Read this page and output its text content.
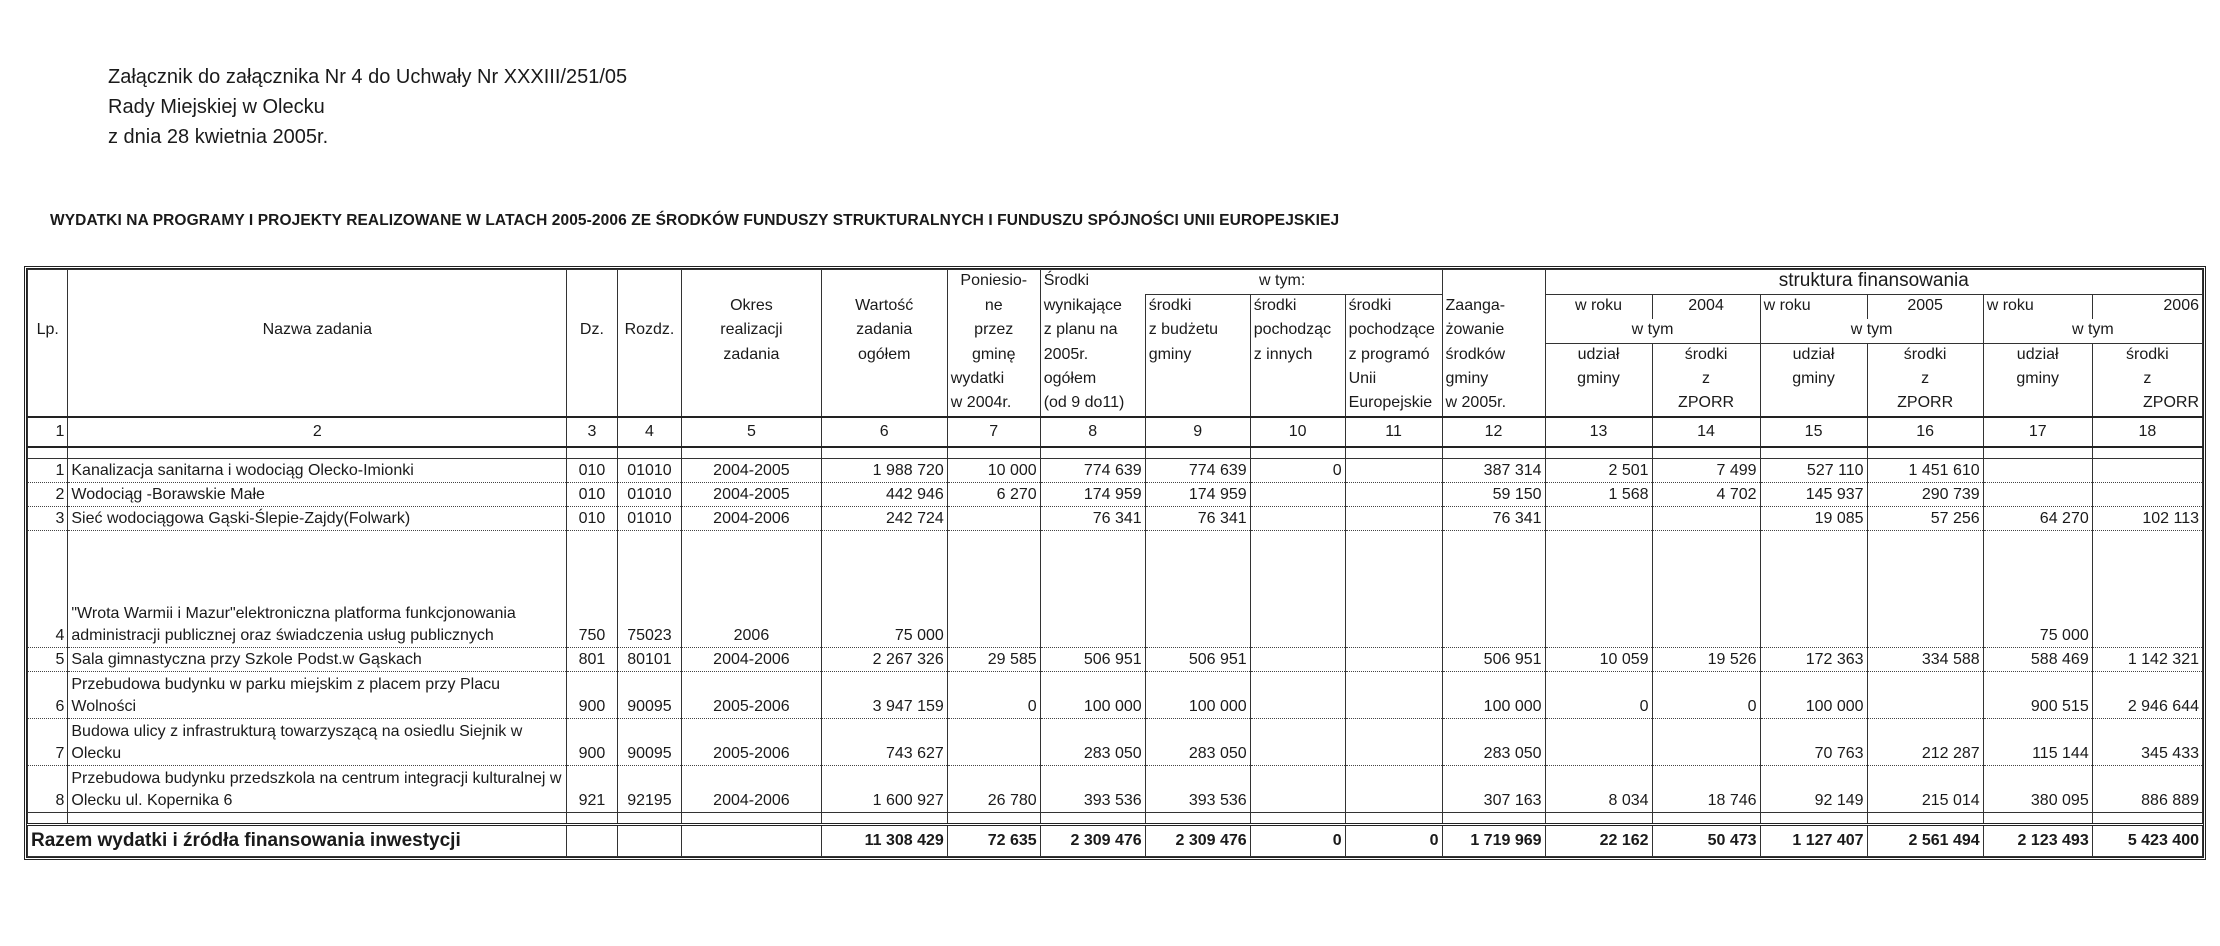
Załącznik do załącznika Nr 4 do Uchwały Nr XXXIII/251/05
Rady Miejskiej w Olecku
z dnia 28 kwietnia 2005r.
WYDATKI NA PROGRAMY I PROJEKTY REALIZOWANE W LATACH 2005-2006 ZE ŚRODKÓW FUNDUSZY STRUKTURALNYCH I FUNDUSZU SPÓJNOŚCI UNII EUROPEJSKIEJ
						Poniesio-	Środki w tym:					struktura finansowania					
				Okres	Wartość	ne	wynikające	środki	środki	środki	Zaanga-	w roku	2004	w roku	2005	w roku	2006
Lp.	Nazwa zadania	Dz.	Rozdz.	realizacji	zadania	przez	z planu na	z budżetu	pochodząc	pochodzące	żowanie	w tym		w tym		w tym	
				zadania	ogółem	gminę	2005r.	gminy	z innych	z programó	środków	udział	środki	udział	środki	udział	środki
						wydatki	ogółem			Unii	gminy	gminy	z	gminy	z	gminy	z
						w 2004r.	(od 9 do11)			Europejskie	w 2005r.		ZPORR		ZPORR		ZPORR
1	2	3	4	5	6	7	8	9	10	11	12	13	14	15	16	17	18

1	Kanalizacja sanitarna i wodociąg Olecko-Imionki	010	01010	2004-2005	1 988 720	10 000	774 639	774 639	0		387 314	2 501	7 499	527 110	1 451 610		
2	Wodociąg -Borawskie Małe	010	01010	2004-2005	442 946	6 270	174 959	174 959			59 150	1 568	4 702	145 937	290 739		
3	Sieć wodociągowa Gąski-Ślepie-Zajdy(Folwark)	010	01010	2004-2006	242 724		76 341	76 341			76 341			19 085	57 256	64 270	102 113
4	"Wrota Warmii i Mazur"elektroniczna platforma funkcjonowania administracji publicznej oraz świadczenia usług publicznych	750	75023	2006	75 000											75 000	
5	Sala gimnastyczna przy Szkole Podst.w Gąskach	801	80101	2004-2006	2 267 326	29 585	506 951	506 951			506 951	10 059	19 526	172 363	334 588	588 469	1 142 321
6	Przebudowa budynku w parku miejskim z placem przy Placu Wolności	900	90095	2005-2006	3 947 159	0	100 000	100 000			100 000	0	0	100 000		900 515	2 946 644
7	Budowa ulicy z infrastrukturą towarzyszącą na osiedlu Siejnik w Olecku	900	90095	2005-2006	743 627		283 050	283 050			283 050			70 763	212 287	115 144	345 433
8	Przebudowa budynku przedszkola na centrum integracji kulturalnej w Olecku ul. Kopernika 6	921	92195	2004-2006	1 600 927	26 780	393 536	393 536			307 163	8 034	18 746	92 149	215 014	380 095	886 889

Razem wydatki i źródła finansowania inwestycji					11 308 429	72 635	2 309 476	2 309 476	0	0	1 719 969	22 162	50 473	1 127 407	2 561 494	2 123 493	5 423 400
